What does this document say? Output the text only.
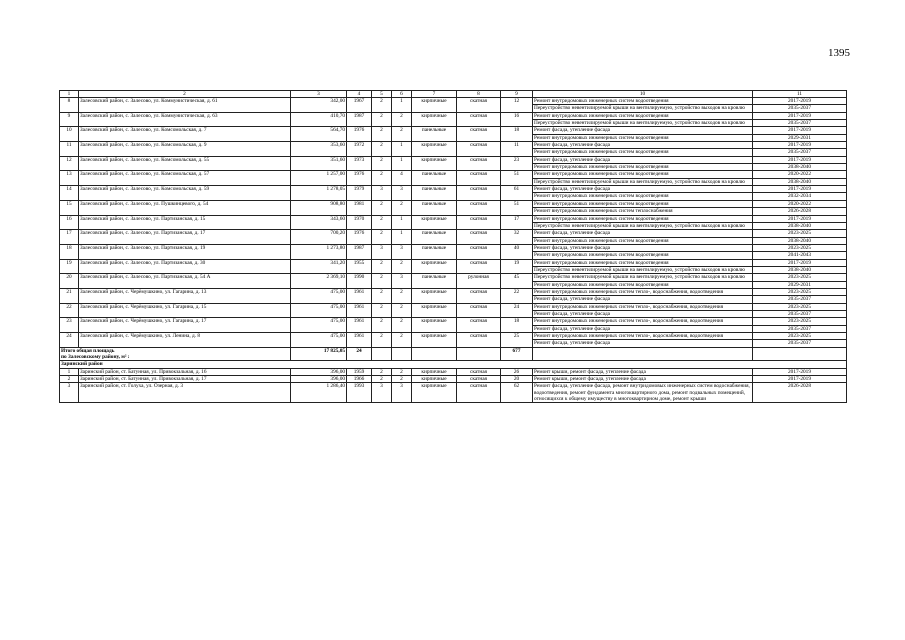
1395
1	2	3	4	5	6	7	8	9	10	11
8	Залесовский район, с. Залесово, ул. Коммунистическая, д. 61	342,00	1967	2	1	кирпичные	скатная	12	Ремонт внутридомовых инженерных систем водоотведения	2017-2019
									Переустройство невентилируемой крыши на вентилируемую, устройство выходов на кровлю	2035-2037
9	Залесовский район, с. Залесово, ул. Коммунистическая, д. 63	410,70	1987	2	2	кирпичные	скатная	16	Ремонт внутридомовых инженерных систем водоотведения	2017-2019
									Переустройство невентилируемой крыши на вентилируемую, устройство выходов на кровлю	2035-2037
10	Залесовский район, с. Залесово, ул. Комсомольская, д. 7	564,70	1976	2	2	панельные	скатная	18	Ремонт фасада, утепление фасада	2017-2019
									Ремонт внутридомовых инженерных систем водоотведения	2029-2031
11	Залесовский район, с. Залесово, ул. Комсомольская, д. 9	353,60	1972	2	1	кирпичные	скатная	11	Ремонт фасада, утепление фасада	2017-2019
									Ремонт внутридомовых инженерных систем водоотведения	2035-2037
12	Залесовский район, с. Залесово, ул. Комсомольская, д. 55	351,60	1973	2	1	кирпичные	скатная	23	Ремонт фасада, утепление фасада	2017-2019
									Ремонт внутридомовых инженерных систем водоотведения	2038-2040
13	Залесовский район, с. Залесово, ул. Комсомольская, д. 57	1 257,00	1976	2	4	панельные	скатная	51	Ремонт внутридомовых инженерных систем водоотведения	2020-2022
									Переустройство невентилируемой крыши на вентилируемую, устройство выходов на кровлю	2038-2040
14	Залесовский район, с. Залесово, ул. Комсомольская, д. 59	1 278,05	1979	3	3	панельные	скатная	61	Ремонт фасада, утепление фасада	2017-2019
									Ремонт внутридомовых инженерных систем водоотведения	2032-2034
15	Залесовский район, с. Залесово, ул. Пушкинцевого, д. 54	908,80	1981	2	2	панельные	скатная	51	Ремонт внутридомовых инженерных систем водоотведения	2020-2022
									Ремонт внутридомовых инженерных систем теплоснабжения	2026-2028
16	Залесовский район, с. Залесово, ул. Партизанская, д. 15	343,60	1970	2	1	кирпичные	скатная	17	Ремонт внутридомовых инженерных систем водоотведения	2017-2019
									Переустройство невентилируемой крыши на вентилируемую, устройство выходов на кровлю	2038-2040
17	Залесовский район, с. Залесово, ул. Партизанская, д. 17	700,20	1976	2	1	панельные	скатная	32	Ремонт фасада, утепление фасада	2023-2025
									Ремонт внутридомовых инженерных систем водоотведения	2038-2040
18	Залесовский район, с. Залесово, ул. Партизанская, д. 19	1 273,80	1987	3	3	панельные	скатная	40	Ремонт фасада, утепление фасада	2023-2025
									Ремонт внутридомовых инженерных систем водоотведения	2041-2043
19	Залесовский район, с. Залесово, ул. Партизанская, д. 30	341,20	1955	2	2	кирпичные	скатная	19	Ремонт внутридомовых инженерных систем водоотведения	2017-2019
									Переустройство невентилируемой крыши на вентилируемую, устройство выходов на кровлю	2038-2040
20	Залесовский район, с. Залесово, ул. Партизанская, д. 54 А	2 369,10	1990	2	3	панельные	рулонная	45	Переустройство невентилируемой крыши на вентилируемую, устройство выходов на кровлю	2023-2025
									Ремонт внутридомовых инженерных систем водоотведения	2029-2031
21	Залесовский район, с. Черёмушкино, ул. Гагарина, д. 13	475,00	1961	2	2	кирпичные	скатная	22	Ремонт внутридомовых инженерных систем тепло-, водоснабжения, водоотведения	2023-2025
									Ремонт фасада, утепление фасада	2035-2037
22	Залесовский район, с. Черёмушкино, ул. Гагарина, д. 15	475,00	1961	2	2	кирпичные	скатная	24	Ремонт внутридомовых инженерных систем тепло-, водоснабжения, водоотведения	2023-2025
									Ремонт фасада, утепление фасада	2035-2037
23	Залесовский район, с. Черёмушкино, ул. Гагарина, д. 17	475,00	1961	2	2	кирпичные	скатная	18	Ремонт внутридомовых инженерных систем тепло-, водоснабжения, водоотведения	2023-2025
									Ремонт фасада, утепление фасада	2035-2037
24	Залесовский район, с. Черёмушкино, ул. Ленина, д. 8	475,00	1961	2	2	кирпичные	скатная	25	Ремонт внутридомовых инженерных систем тепло-, водоснабжения, водоотведения	2023-2025
									Ремонт фасада, утепление фасада	2035-2037

Итого общая площадь
по Залесовскому району, м² :		17 825,05	24					677		
Заринский район										
1	Заринский район, ст. Батунная, ул. Привокзальная, д. 16	396,00	1959	2	2	кирпичные	скатная	26	Ремонт крыши, ремонт фасада, утепление фасада	2017-2019
2	Заринский район, ст. Батунная, ул. Привокзальная, д. 17	396,00	1966	2	2	кирпичные	скатная	20	Ремонт крыши, ремонт фасада, утепление фасада	2017-2019
3	Заринский район, ст. Голуха, ул. Озерная, д. 3	1 286,40	1993	3	3	кирпичные	скатная	62	Ремонт фасада, утепление фасада, ремонт внутридомовых инженерных систем водоснабжения, водоотведения, ремонт фундамента многоквартирного дома, ремонт подвальных помещений, относящихся к общему имуществу в многоквартирном доме, ремонт крыши	2026-2028
